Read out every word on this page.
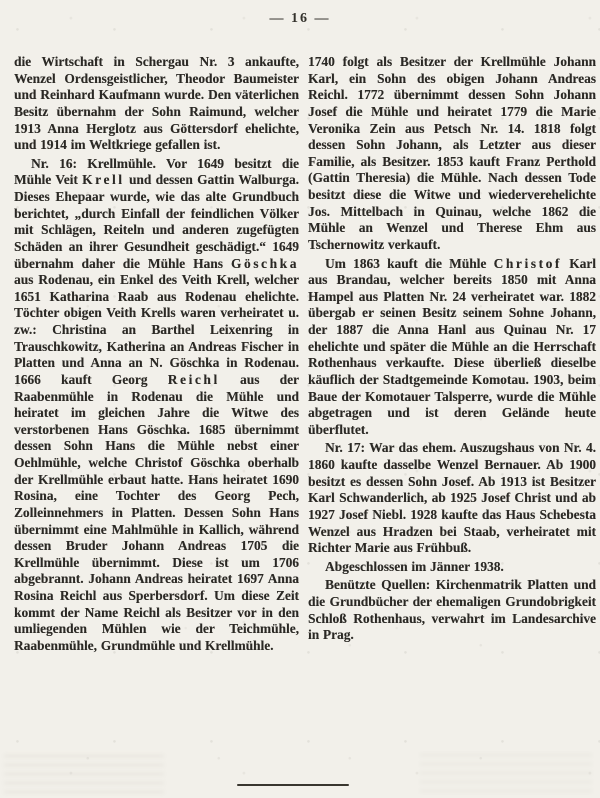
— 16 —

die Wirtschaft in Schergau Nr. 3 ankaufte, Wenzel Ordensgeistlicher, Theodor Baumeister und Reinhard Kaufmann wurde. Den väterlichen Besitz übernahm der Sohn Raimund, welcher 1913 Anna Herglotz aus Göttersdorf ehelichte, und 1914 im Weltkriege gefallen ist.

Nr. 16: Krellmühle. Vor 1649 besitzt die Mühle Veit Krell und dessen Gattin Walburga. Dieses Ehepaar wurde, wie das alte Grundbuch berichtet, „durch Einfall der feindlichen Völker mit Schlägen, Reiteln und anderen zugefügten Schäden an ihrer Gesundheit geschädigt.“ 1649 übernahm daher die Mühle Hans Göschka aus Rodenau, ein Enkel des Veith Krell, welcher 1651 Katharina Raab aus Rodenau ehelichte. Töchter obigen Veith Krells waren verheiratet u. zw.: Christina an Barthel Leixenring in Trauschkowitz, Katherina an Andreas Fischer in Platten und Anna an N. Göschka in Rodenau. 1666 kauft Georg Reichl aus der Raabenmühle in Rodenau die Mühle und heiratet im gleichen Jahre die Witwe des verstorbenen Hans Göschka. 1685 übernimmt dessen Sohn Hans die Mühle nebst einer Oehlmühle, welche Christof Göschka oberhalb der Krellmühle erbaut hatte. Hans heiratet 1690 Rosina, eine Tochter des Georg Pech, Zolleinnehmers in Platten. Dessen Sohn Hans übernimmt eine Mahlmühle in Kallich, während dessen Bruder Johann Andreas 1705 die Krellmühle übernimmt. Diese ist um 1706 abgebrannt. Johann Andreas heiratet 1697 Anna Rosina Reichl aus Sperbersdorf. Um diese Zeit kommt der Name Reichl als Besitzer vor in den umliegenden Mühlen wie der Teichmühle, Raabenmühle, Grundmühle und Krellmühle.

1740 folgt als Besitzer der Krellmühle Johann Karl, ein Sohn des obigen Johann Andreas Reichl. 1772 übernimmt dessen Sohn Johann Josef die Mühle und heiratet 1779 die Marie Veronika Zein aus Petsch Nr. 14. 1818 folgt dessen Sohn Johann, als Letzter aus dieser Familie, als Besitzer. 1853 kauft Franz Perthold (Gattin Theresia) die Mühle. Nach dessen Tode besitzt diese die Witwe und wiederverehelichte Jos. Mittelbach in Quinau, welche 1862 die Mühle an Wenzel und Therese Ehm aus Tschernowitz verkauft.

Um 1863 kauft die Mühle Christof Karl aus Brandau, welcher bereits 1850 mit Anna Hampel aus Platten Nr. 24 verheiratet war. 1882 übergab er seinen Besitz seinem Sohne Johann, der 1887 die Anna Hanl aus Quinau Nr. 17 ehelichte und später die Mühle an die Herrschaft Rothenhaus verkaufte. Diese überließ dieselbe käuflich der Stadtgemeinde Komotau. 1903, beim Baue der Komotauer Talsperre, wurde die Mühle abgetragen und ist deren Gelände heute überflutet.

Nr. 17: War das ehem. Auszugshaus von Nr. 4. 1860 kaufte dasselbe Wenzel Bernauer. Ab 1900 besitzt es dessen Sohn Josef. Ab 1913 ist Besitzer Karl Schwanderlich, ab 1925 Josef Christ und ab 1927 Josef Niebl. 1928 kaufte das Haus Schebesta Wenzel aus Hradzen bei Staab, verheiratet mit Richter Marie aus Frühbuß.

Abgeschlossen im Jänner 1938.

Benützte Quellen: Kirchenmatrik Platten und die Grundbücher der ehemaligen Grundobrigkeit Schloß Rothenhaus, verwahrt im Landesarchive in Prag.
